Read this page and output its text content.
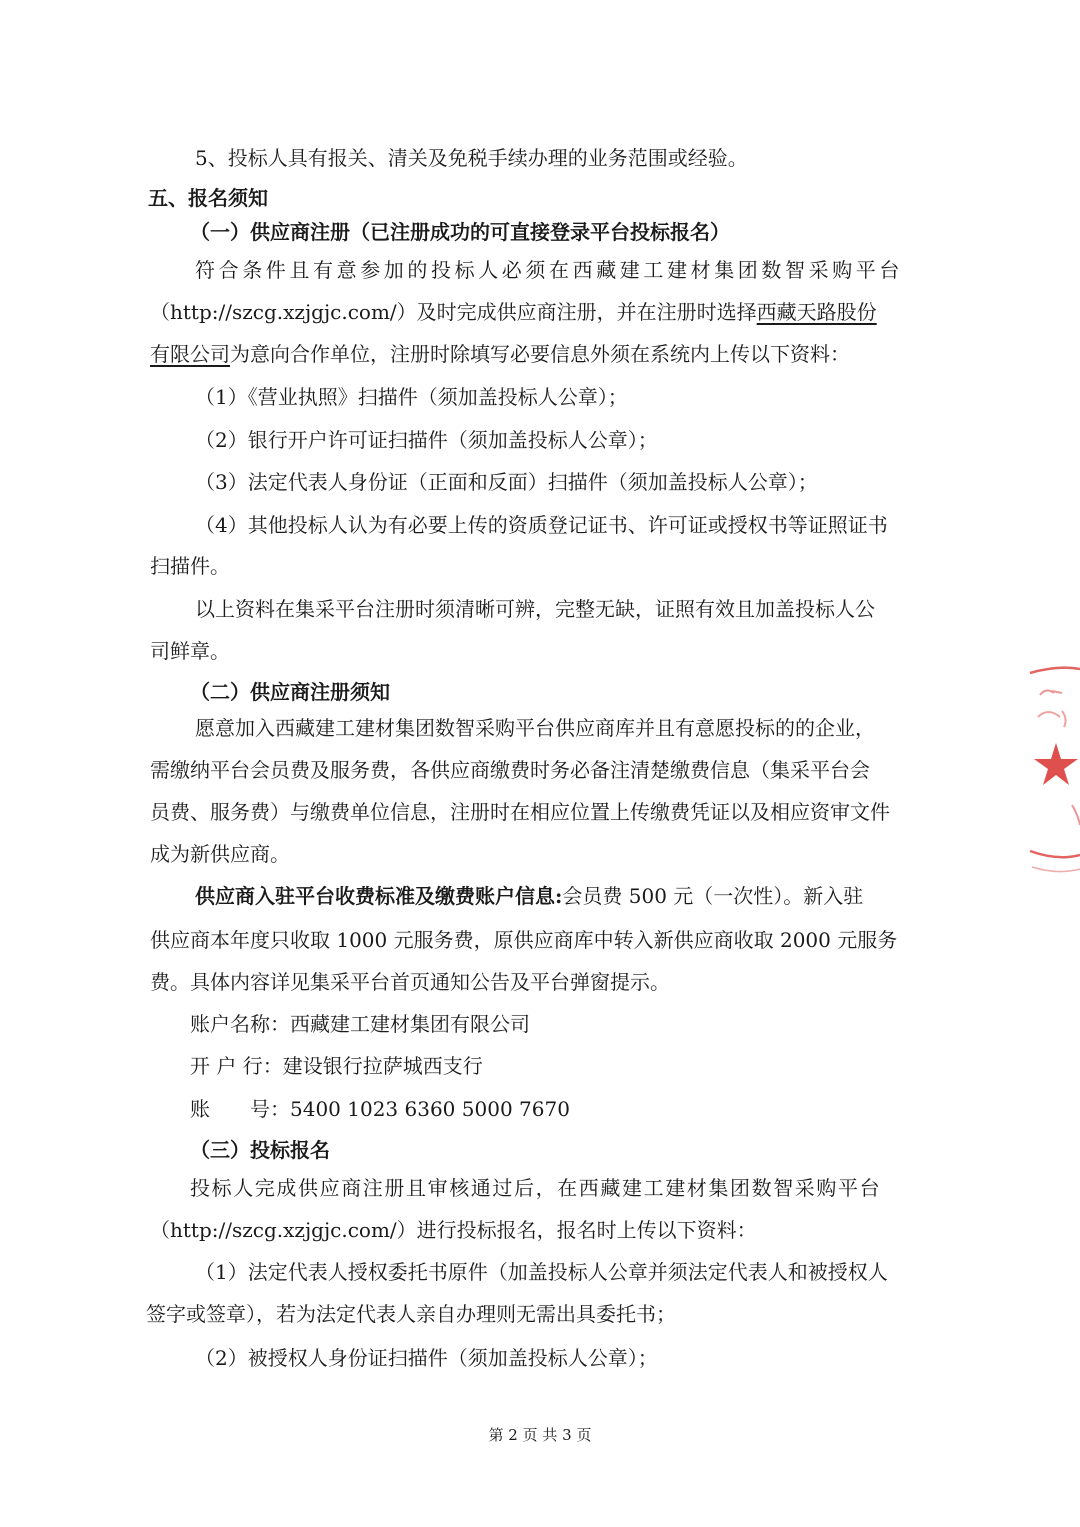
5、投标人具有报关、清关及免税手续办理的业务范围或经验。
五、报名须知
（一）供应商注册（已注册成功的可直接登录平台投标报名）
符合条件且有意参加的投标人必须在西藏建工建材集团数智采购平台
（http://szcg.xzjgjc.com/）及时完成供应商注册，并在注册时选择西藏天路股份
有限公司为意向合作单位，注册时除填写必要信息外须在系统内上传以下资料：
（1）《营业执照》扫描件（须加盖投标人公章）；
（2）银行开户许可证扫描件（须加盖投标人公章）；
（3）法定代表人身份证（正面和反面）扫描件（须加盖投标人公章）；
（4）其他投标人认为有必要上传的资质登记证书、许可证或授权书等证照证书
扫描件。
以上资料在集采平台注册时须清晰可辨，完整无缺，证照有效且加盖投标人公
司鲜章。
（二）供应商注册须知
愿意加入西藏建工建材集团数智采购平台供应商库并且有意愿投标的的企业，
需缴纳平台会员费及服务费，各供应商缴费时务必备注清楚缴费信息（集采平台会
员费、服务费）与缴费单位信息，注册时在相应位置上传缴费凭证以及相应资审文件
成为新供应商。
供应商入驻平台收费标准及缴费账户信息:会员费 500 元（一次性）。新入驻
供应商本年度只收取 1000 元服务费，原供应商库中转入新供应商收取 2000 元服务
费。具体内容详见集采平台首页通知公告及平台弹窗提示。
账户名称：西藏建工建材集团有限公司
开 户 行：建设银行拉萨城西支行
账　　号：5400 1023 6360 5000 7670
（三）投标报名
投标人完成供应商注册且审核通过后，在西藏建工建材集团数智采购平台
（http://szcg.xzjgjc.com/）进行投标报名，报名时上传以下资料：
（1）法定代表人授权委托书原件（加盖投标人公章并须法定代表人和被授权人
签字或签章），若为法定代表人亲自办理则无需出具委托书；
（2）被授权人身份证扫描件（须加盖投标人公章）；
第 2 页 共 3 页
